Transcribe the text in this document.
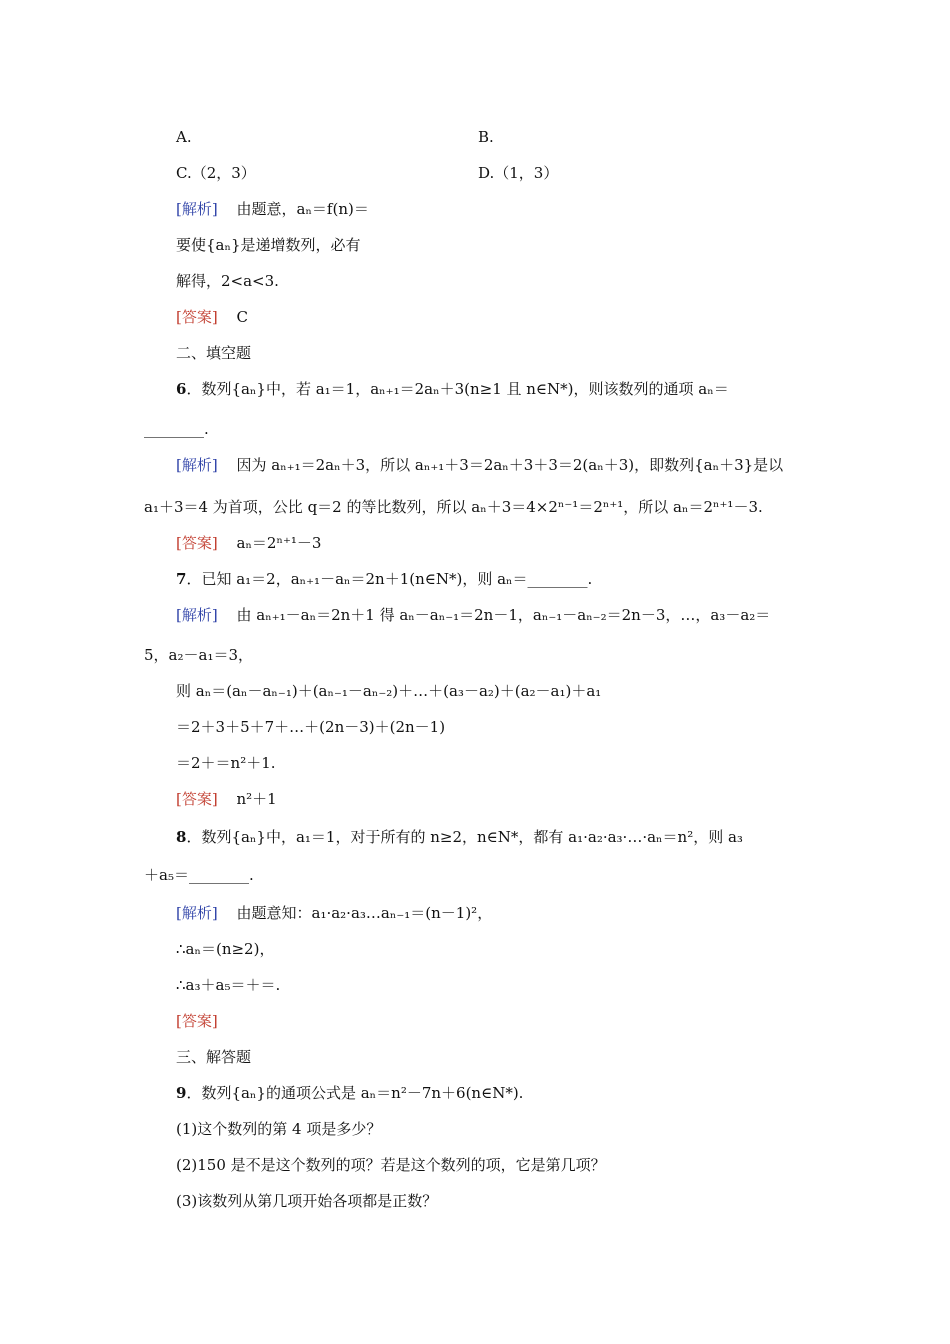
A.	B.
C.（2，3）	D.（1，3）
[解析] 由题意，aₙ＝f(n)＝
要使{aₙ}是递增数列，必有
解得，2<a<3.
[答案] C
二、填空题
6．数列{aₙ}中，若 a₁＝1，aₙ₊₁＝2aₙ＋3(n≥1 且 n∈N*)，则该数列的通项 aₙ＝
________.
[解析] 因为 aₙ₊₁＝2aₙ＋3，所以 aₙ₊₁＋3＝2aₙ＋3＋3＝2(aₙ＋3)，即数列{aₙ＋3}是以
a₁＋3＝4 为首项，公比 q＝2 的等比数列，所以 aₙ＋3＝4×2ⁿ⁻¹＝2ⁿ⁺¹，所以 aₙ＝2ⁿ⁺¹－3.
[答案] aₙ＝2ⁿ⁺¹－3
7．已知 a₁＝2，aₙ₊₁－aₙ＝2n＋1(n∈N*)，则 aₙ＝________.
[解析] 由 aₙ₊₁－aₙ＝2n＋1 得 aₙ－aₙ₋₁＝2n－1，aₙ₋₁－aₙ₋₂＝2n－3，…，a₃－a₂＝
5，a₂－a₁＝3，
则 aₙ＝(aₙ－aₙ₋₁)＋(aₙ₋₁－aₙ₋₂)＋…＋(a₃－a₂)＋(a₂－a₁)＋a₁
＝2＋3＋5＋7＋…＋(2n－3)＋(2n－1)
＝2＋＝n²＋1.
[答案] n²＋1
8．数列{aₙ}中，a₁＝1，对于所有的 n≥2，n∈N*，都有 a₁·a₂·a₃·…·aₙ＝n²，则 a₃
＋a₅＝________.
[解析] 由题意知：a₁·a₂·a₃…aₙ₋₁＝(n－1)²，
∴aₙ＝(n≥2)，
∴a₃＋a₅＝＋＝.
[答案]
三、解答题
9．数列{aₙ}的通项公式是 aₙ＝n²－7n＋6(n∈N*).
(1)这个数列的第 4 项是多少？
(2)150 是不是这个数列的项？若是这个数列的项，它是第几项？
(3)该数列从第几项开始各项都是正数？
